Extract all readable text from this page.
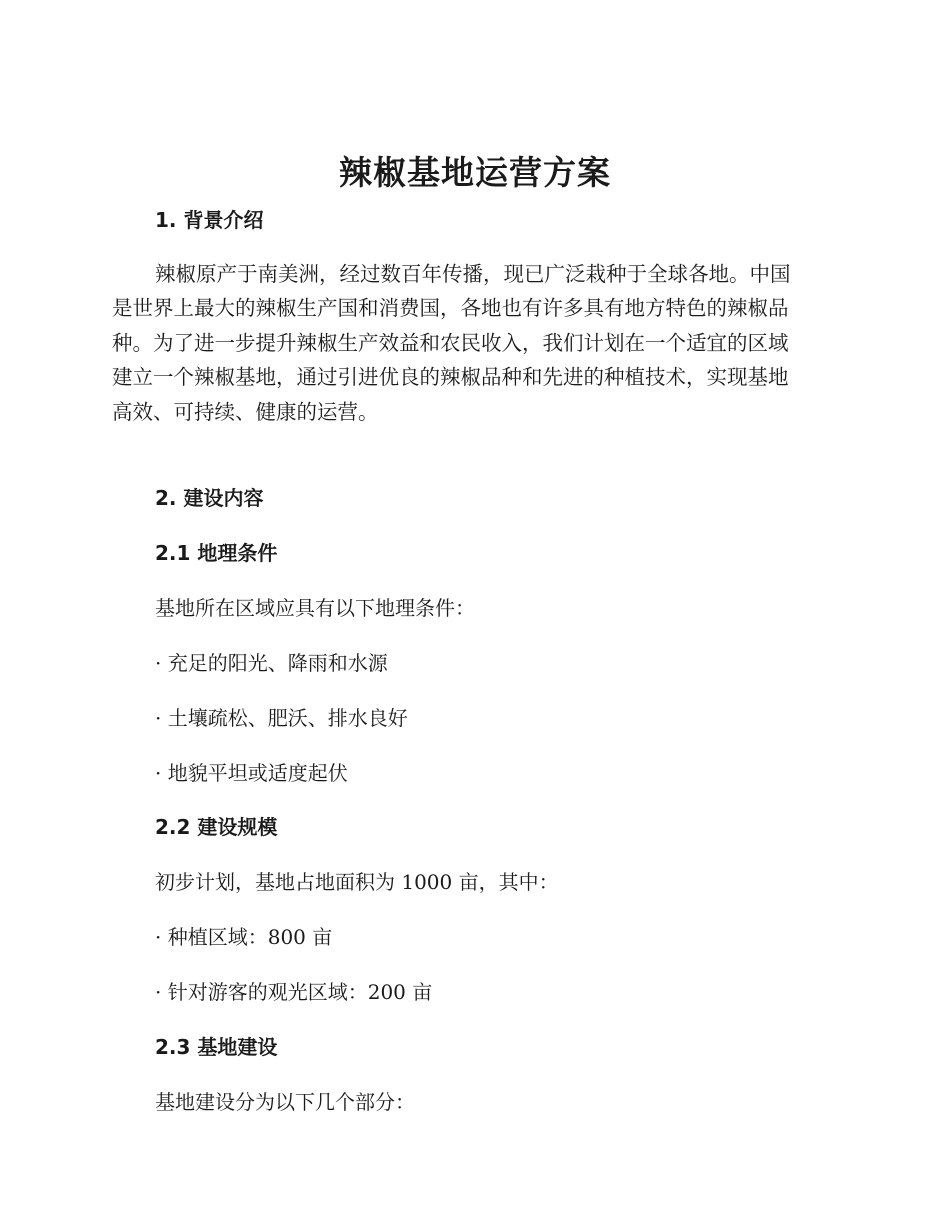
辣椒基地运营方案
1. 背景介绍
辣椒原产于南美洲，经过数百年传播，现已广泛栽种于全球各地。中国
是世界上最大的辣椒生产国和消费国，各地也有许多具有地方特色的辣椒品
种。为了进一步提升辣椒生产效益和农民收入，我们计划在一个适宜的区域
建立一个辣椒基地，通过引进优良的辣椒品种和先进的种植技术，实现基地
高效、可持续、健康的运营。
2. 建设内容
2.1 地理条件

基地所在区域应具有以下地理条件：

· 充足的阳光、降雨和水源

· 土壤疏松、肥沃、排水良好

· 地貌平坦或适度起伏

2.2 建设规模

初步计划，基地占地面积为 1000 亩，其中：

· 种植区域：800 亩

· 针对游客的观光区域：200 亩

2.3 基地建设

基地建设分为以下几个部分：
